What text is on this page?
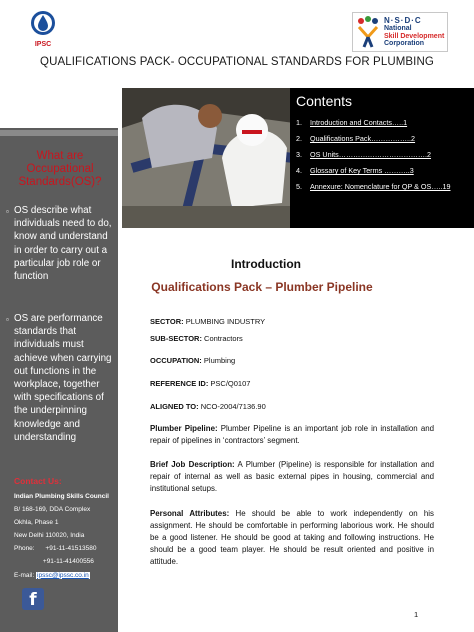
IPSC
N·S·D·C
National
Skill Development
Corporation
QUALIFICATIONS PACK- OCCUPATIONAL STANDARDS FOR PLUMBING
What are Occupational Standards(OS)?
▫ OS describe what individuals need to do, know and understand in order to carry out a particular job role or function
▫ OS are performance standards that individuals must achieve when carrying out functions in the workplace, together with specifications of the underpinning knowledge and understanding
Contact Us:
Indian Plumbing Skills Council
B/ 168-169, DDA Complex
Okhla, Phase 1
New Delhi 110020, India
Phone:      +91-11-41513580
+91-11-41400556
E-mail: ipssc@ipssc.co.in
f
Contents
1.	Introduction and Contacts…..1
2.	Qualifications Pack……………..2
3.	OS Units……………………………….2
4.	Glossary of Key Terms ………..3
5.	Annexure: Nomenclature for QP & OS…..19
Introduction
Qualifications Pack – Plumber Pipeline
SECTOR: PLUMBING INDUSTRY
SUB-SECTOR: Contractors
OCCUPATION: Plumbing
REFERENCE ID: PSC/Q0107
ALIGNED TO: NCO-2004/7136.90
Plumber Pipeline: Plumber Pipeline is an important job role in installation and repair of pipelines in ‘contractors’ segment.
Brief Job Description: A Plumber (Pipeline) is responsible for installation and repair of internal as well as basic external pipes in housing, commercial and institutional setups.
Personal Attributes: He should be able to work independently on his assignment. He should be comfortable in performing laborious work. He should be a good listener. He should be good at taking and following instructions. He should be a good team player. He should be result oriented and positive in attitude.
1
